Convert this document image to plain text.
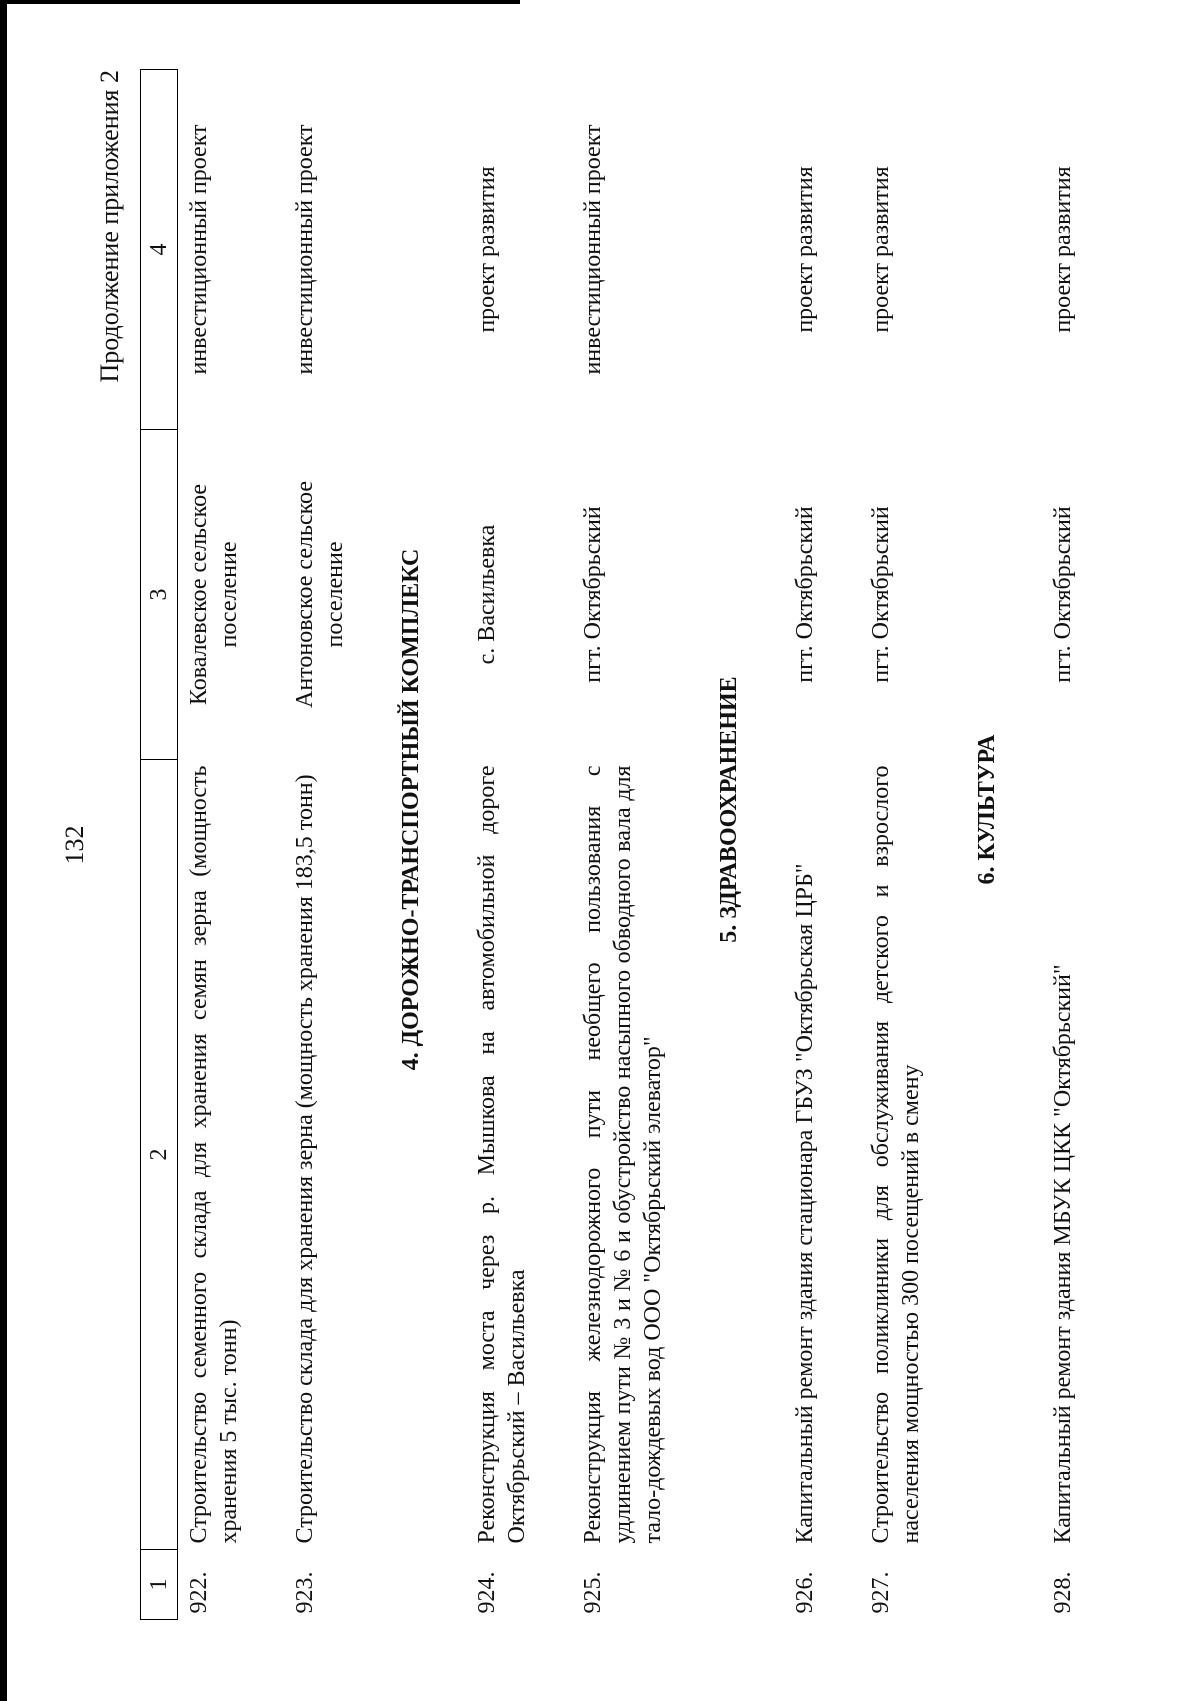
132
Продолжение приложения 2
1	2	3	4
922.	Строительство семенного склада для хранения семян зерна (мощность хранения 5 тыс. тонн)	Ковалевское сельское поселение	инвестиционный проект
923.	Строительство склада для хранения зерна (мощность хранения 183,5 тонн)	Антоновское сельское поселение	инвестиционный проект
	4. ДОРОЖНО-ТРАНСПОРТНЫЙ КОМПЛЕКС		
924.	Реконструкция моста через р. Мышкова на автомобильной дороге Октябрьский – Васильевка	с. Васильевка	проект развития
925.	Реконструкция железнодорожного пути необщего пользования с удлинением пути № 3 и № 6 и обустройство насыпного обводного вала для тало-дождевых вод ООО "Октябрьский элеватор"	пгт. Октябрьский	инвестиционный проект
	5. ЗДРАВООХРАНЕНИЕ		
926.	Капитальный ремонт здания стационара ГБУЗ "Октябрьская ЦРБ"	пгт. Октябрьский	проект развития
927.	Строительство поликлиники для обслуживания детского и взрослого населения мощностью 300 посещений в смену	пгт. Октябрьский	проект развития
	6. КУЛЬТУРА		
928.	Капитальный ремонт здания МБУК ЦКК "Октябрьский"	пгт. Октябрьский	проект развития
